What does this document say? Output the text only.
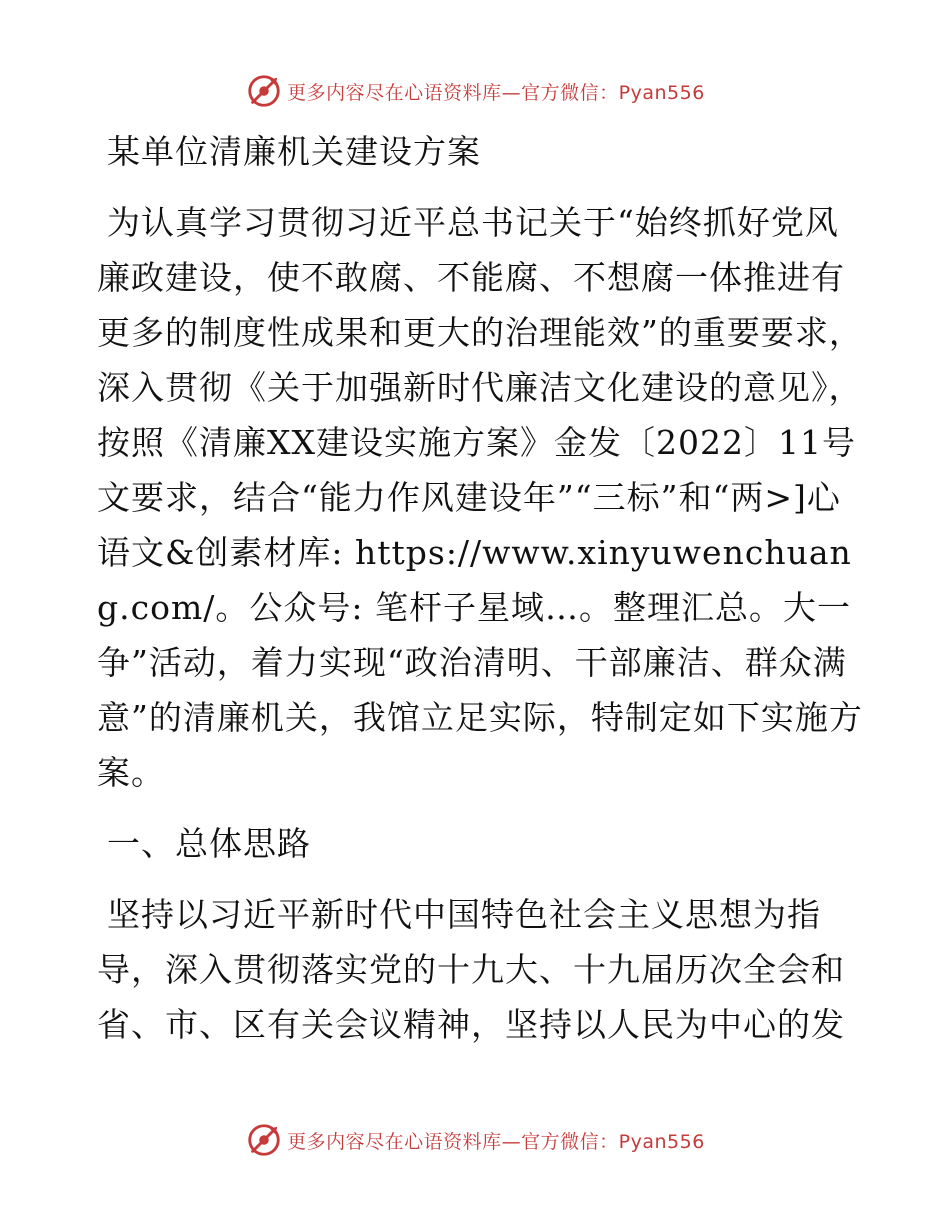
更多内容尽在心语资料库—官方微信：Pyan556

某单位清廉机关建设方案

为认真学习贯彻习近平总书记关于“始终抓好党风廉政建设，使不敢腐、不能腐、不想腐一体推进有更多的制度性成果和更大的治理能效”的重要要求，深入贯彻《关于加强新时代廉洁文化建设的意见》，按照《清廉XX建设实施方案》金发〔2022〕11号文要求，结合“能力作风建设年”“三标”和“两>]心语文&创素材库: https://www.xinyuwenchuang.com/。公众号: 笔杆子星域…。整理汇总。大一争”活动，着力实现“政治清明、干部廉洁、群众满意”的清廉机关，我馆立足实际，特制定如下实施方案。

一、总体思路

坚持以习近平新时代中国特色社会主义思想为指导，深入贯彻落实党的十九大、十九届历次全会和省、市、区有关会议精神，坚持以人民为中心的发

更多内容尽在心语资料库—官方微信：Pyan556
